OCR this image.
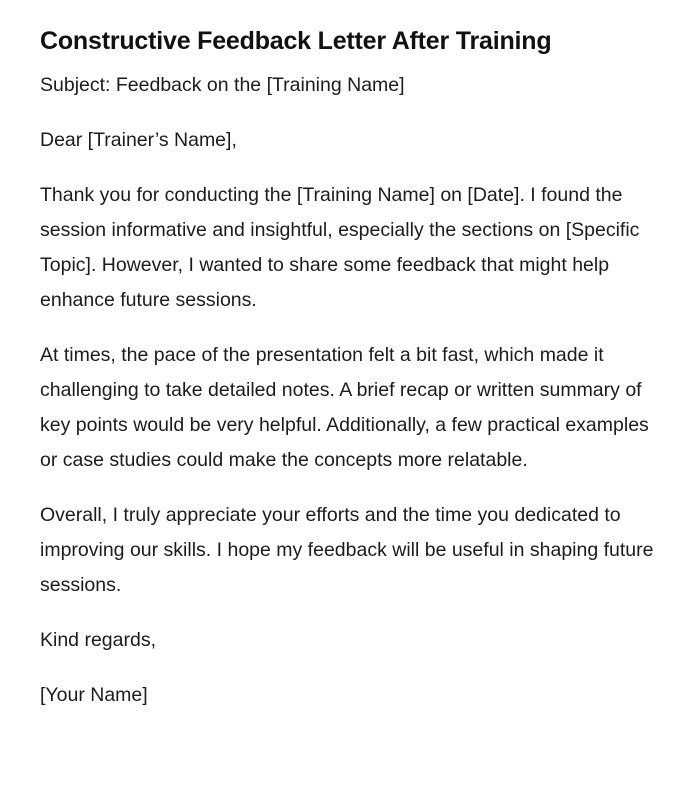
Constructive Feedback Letter After Training

Subject: Feedback on the [Training Name]

Dear [Trainer’s Name],

Thank you for conducting the [Training Name] on [Date]. I found the session informative and insightful, especially the sections on [Specific Topic]. However, I wanted to share some feedback that might help enhance future sessions.

At times, the pace of the presentation felt a bit fast, which made it challenging to take detailed notes. A brief recap or written summary of key points would be very helpful. Additionally, a few practical examples or case studies could make the concepts more relatable.

Overall, I truly appreciate your efforts and the time you dedicated to improving our skills. I hope my feedback will be useful in shaping future sessions.

Kind regards,

[Your Name]
